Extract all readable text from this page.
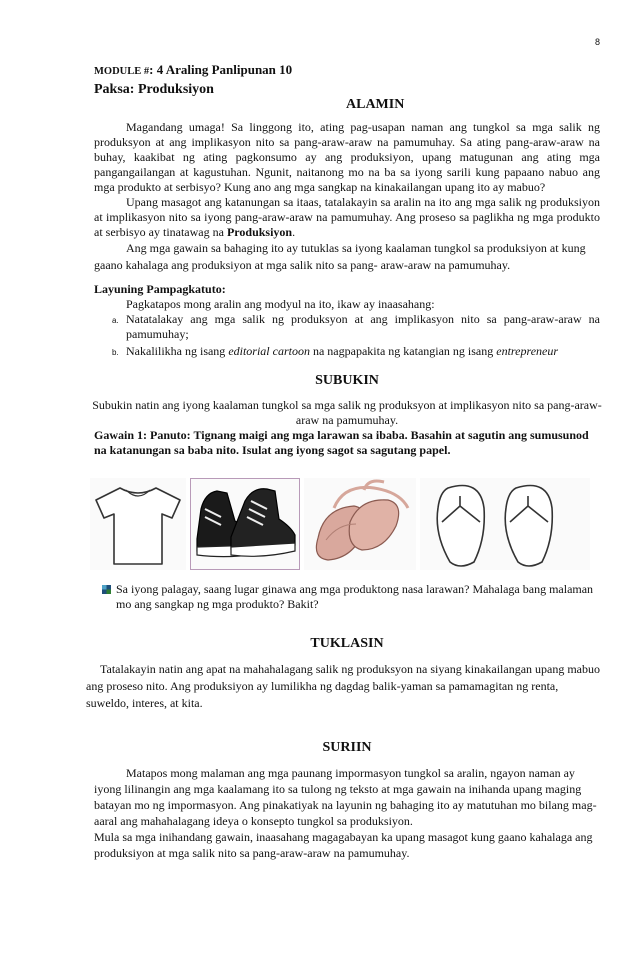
8
MODULE #: 4 Araling Panlipunan 10
Paksa: Produksiyon
ALAMIN

Magandang umaga! Sa linggong ito, ating pag-usapan naman ang tungkol sa mga salik ng produksyon at ang implikasyon nito sa pang-araw-araw na pamumuhay. Sa ating pang-araw-araw na buhay, kaakibat ng ating pagkonsumo ay ang produksiyon, upang matugunan ang ating mga pangangailangan at kagustuhan. Ngunit, naitanong mo na ba sa iyong sarili kung papaano nabuo ang mga produkto at serbisyo? Kung ano ang mga sangkap na kinakailangan upang ito ay mabuo?

Upang masagot ang katanungan sa itaas, tatalakayin sa aralin na ito ang mga salik ng produksiyon at implikasyon nito sa iyong pang-araw-araw na pamumuhay. Ang proseso sa paglikha ng mga produkto at serbisyo ay tinatawag na Produksiyon.

Ang mga gawain sa bahaging ito ay tutuklas sa iyong kaalaman tungkol sa produksiyon at kung gaano kahalaga ang produksiyon at mga salik nito sa pang- araw-araw na pamumuhay.

Layuning Pampagkatuto:

Pagkatapos mong aralin ang modyul na ito, ikaw ay inaasahang:

a. Natatalakay ang mga salik ng produksyon at ang implikasyon nito sa pang-araw-araw na pamumuhay;
b. Nakalilikha ng isang editorial cartoon na nagpapakita ng katangian ng isang entrepreneur
SUBUKIN

Subukin natin ang iyong kaalaman tungkol sa mga salik ng produksyon at implikasyon nito sa pang-araw-araw na pamumuhay.

Gawain 1: Panuto: Tignang maigi ang mga larawan sa ibaba. Basahin at sagutin ang sumusunod na katanungan sa baba nito. Isulat ang iyong sagot sa sagutang papel.

Sa iyong palagay, saang lugar ginawa ang mga produktong nasa larawan? Mahalaga bang malaman mo ang sangkap ng mga produkto? Bakit?
TUKLASIN

Tatalakayin natin ang apat na mahahalagang salik ng produksyon na siyang kinakailangan upang mabuo ang proseso nito. Ang produksiyon ay lumilikha ng dagdag balik-yaman sa pamamagitan ng renta, suweldo, interes, at kita.

SURIIN

Matapos mong malaman ang mga paunang impormasyon tungkol sa aralin, ngayon naman ay iyong lilinangin ang mga kaalamang ito sa tulong ng teksto at mga gawain na inihanda upang maging batayan mo ng impormasyon. Ang pinakatiyak na layunin ng bahaging ito ay matutuhan mo bilang mag-aaral ang mahahalagang ideya o konsepto tungkol sa produksiyon.

Mula sa mga inihandang gawain, inaasahang magagabayan ka upang masagot kung gaano kahalaga ang produksiyon at mga salik nito sa pang-araw-araw na pamumuhay.
